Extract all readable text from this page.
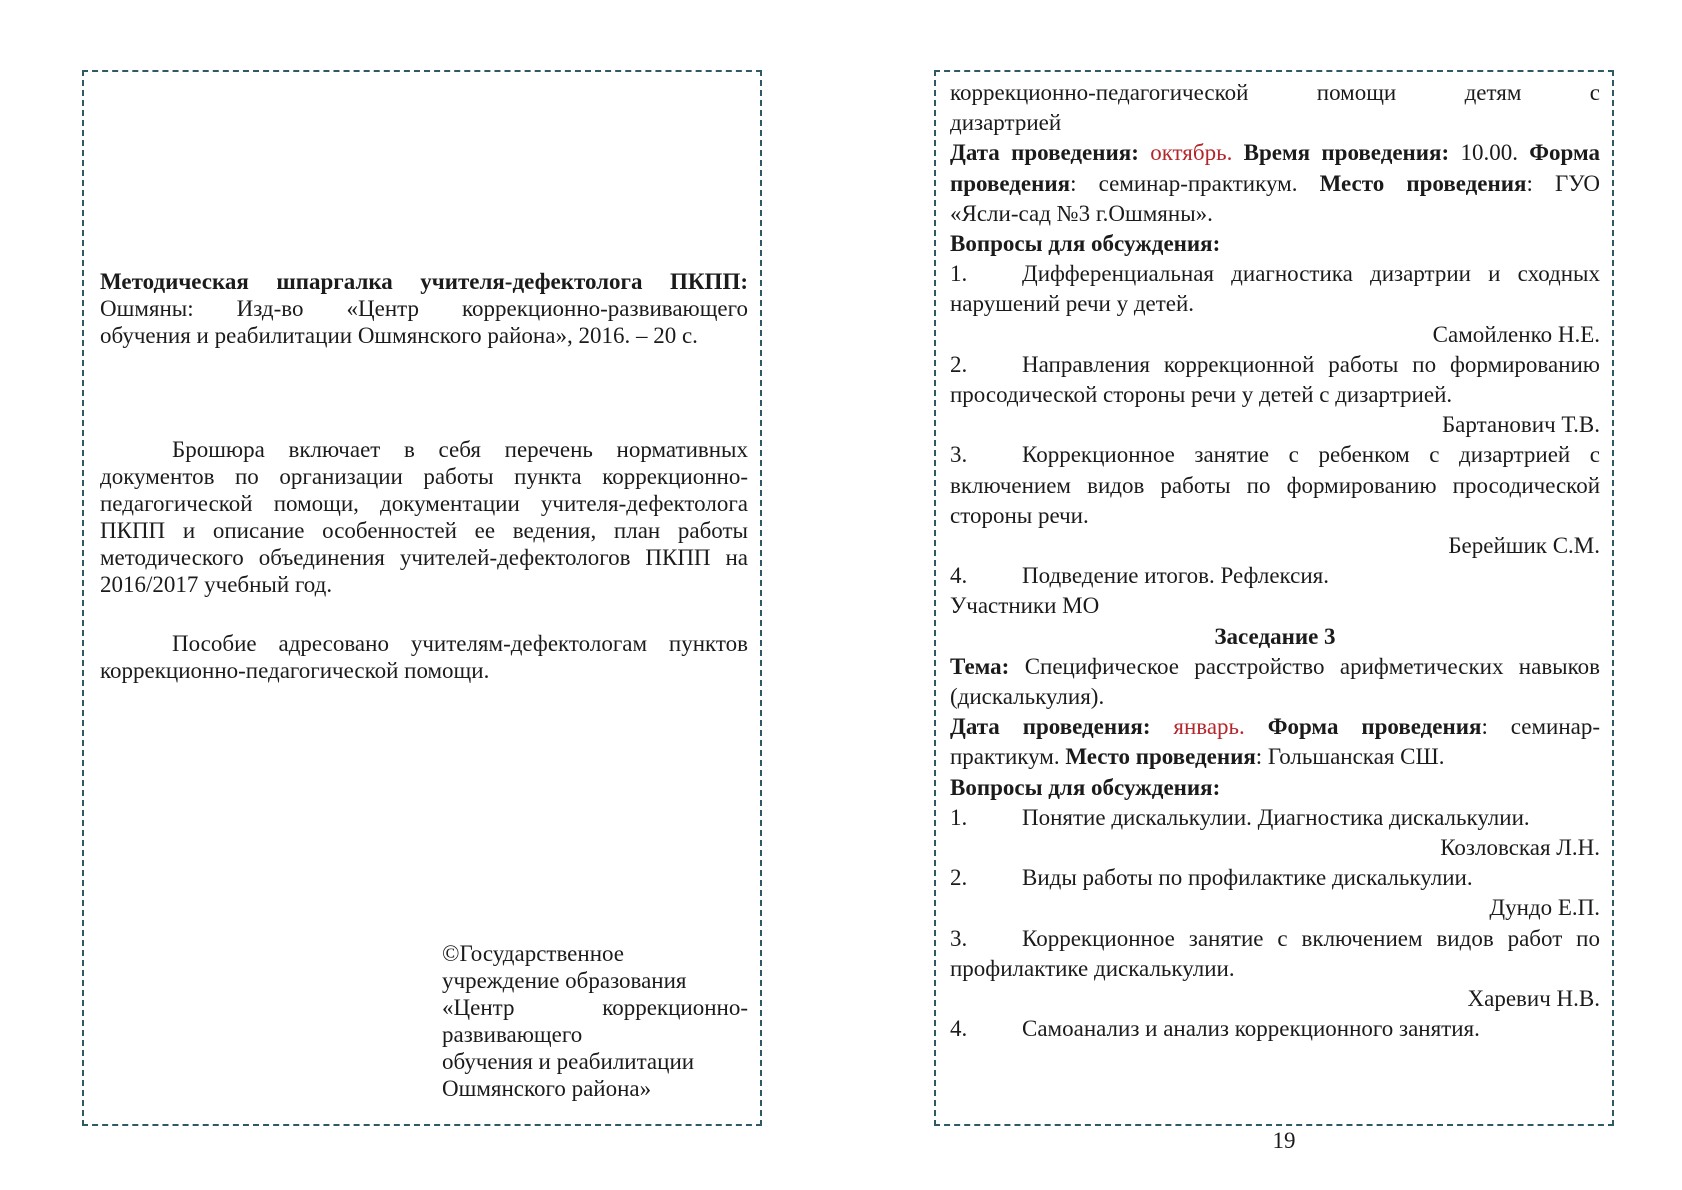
Методическая шпаргалка учителя-дефектолога ПКПП:
Ошмяны: Изд-во «Центр коррекционно-развивающего
обучения и реабилитации Ошмянского района», 2016. – 20 с.

Брошюра включает в себя перечень нормативных документов по организации работы пункта коррекционно-педагогической помощи, документации учителя-дефектолога ПКПП и описание особенностей ее ведения, план работы методического объединения учителей-дефектологов ПКПП на 2016/2017 учебный год.

Пособие адресовано учителям-дефектологам пунктов коррекционно-педагогической помощи.

©Государственное
учреждение образования
«Центр	коррекционно-
развивающего
обучения и реабилитации
Ошмянского района»

коррекционно-педагогической	помощи	детям	с

дизартрией

Дата проведения: октябрь. Время проведения: 10.00. Форма проведения: семинар-практикум. Место проведения: ГУО «Ясли-сад №3 г.Ошмяны».

Вопросы для обсуждения:

1. Дифференциальная диагностика дизартрии и сходных нарушений речи у детей.

Самойленко Н.Е.

2. Направления коррекционной работы по формированию просодической стороны речи у детей с дизартрией.

Бартанович Т.В.

3. Коррекционное занятие с ребенком с дизартрией с включением видов работы по формированию просодической стороны речи.

Берейшик С.М.

4. Подведение итогов. Рефлексия.

Участники МО

Заседание 3

Тема: Специфическое расстройство арифметических навыков (дискалькулия).

Дата проведения: январь. Форма проведения: семинар-практикум. Место проведения: Гольшанская СШ.

Вопросы для обсуждения:

1. Понятие дискалькулии. Диагностика дискалькулии.

Козловская Л.Н.

2. Виды работы по профилактике дискалькулии.

Дундо Е.П.

3. Коррекционное занятие с включением видов работ по профилактике дискалькулии.

Харевич Н.В.

4. Самоанализ и анализ коррекционного занятия.

19
